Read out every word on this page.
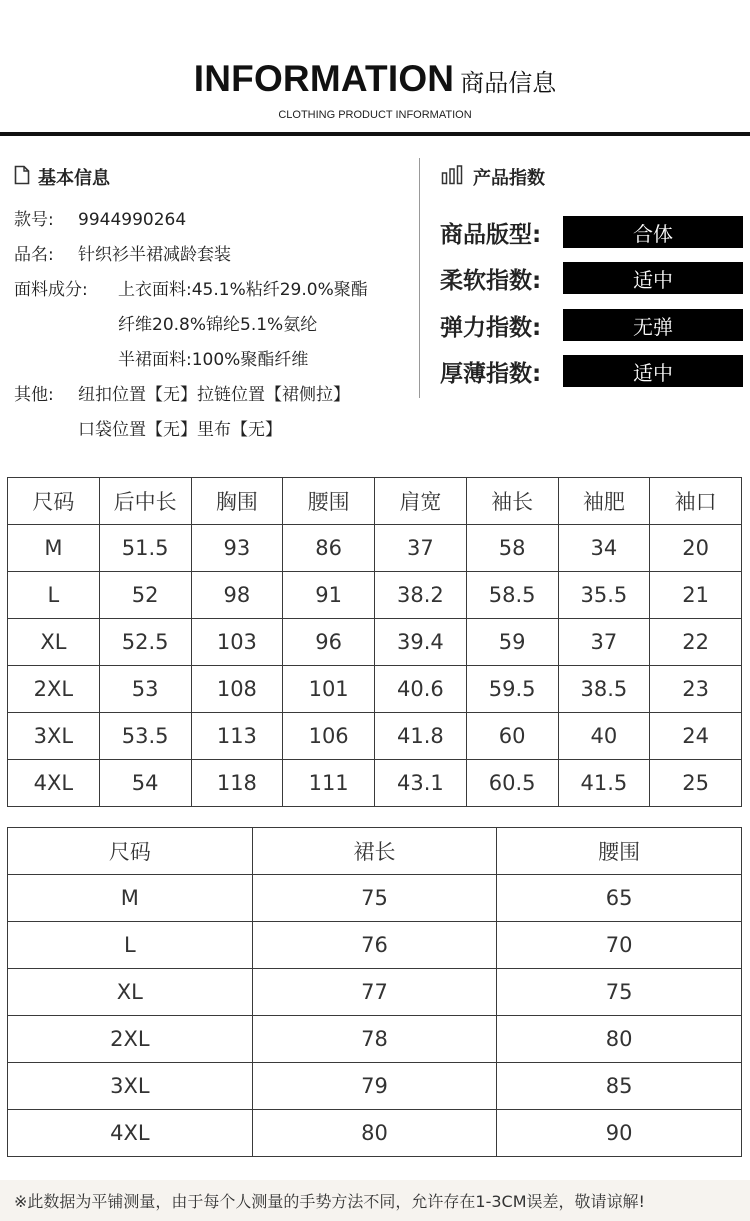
INFORMATION 商品信息
CLOTHING PRODUCT INFORMATION
基本信息
款号: 9944990264
品名: 针织衫半裙减龄套装
面料成分: 上衣面料:45.1%粘纤29.0%聚酯
纤维20.8%锦纶5.1%氨纶
半裙面料:100%聚酯纤维
其他: 纽扣位置【无】拉链位置【裙侧拉】
口袋位置【无】里布【无】
产品指数
商品版型:	合体
柔软指数:	适中
弹力指数:	无弹
厚薄指数:	适中
尺码	后中长	胸围	腰围	肩宽	袖长	袖肥	袖口
M	51.5	93	86	37	58	34	20
L	52	98	91	38.2	58.5	35.5	21
XL	52.5	103	96	39.4	59	37	22
2XL	53	108	101	40.6	59.5	38.5	23
3XL	53.5	113	106	41.8	60	40	24
4XL	54	118	111	43.1	60.5	41.5	25
尺码	裙长	腰围
M	75	65
L	76	70
XL	77	75
2XL	78	80
3XL	79	85
4XL	80	90
※此数据为平铺测量，由于每个人测量的手势方法不同，允许存在1-3CM误差，敬请谅解!
